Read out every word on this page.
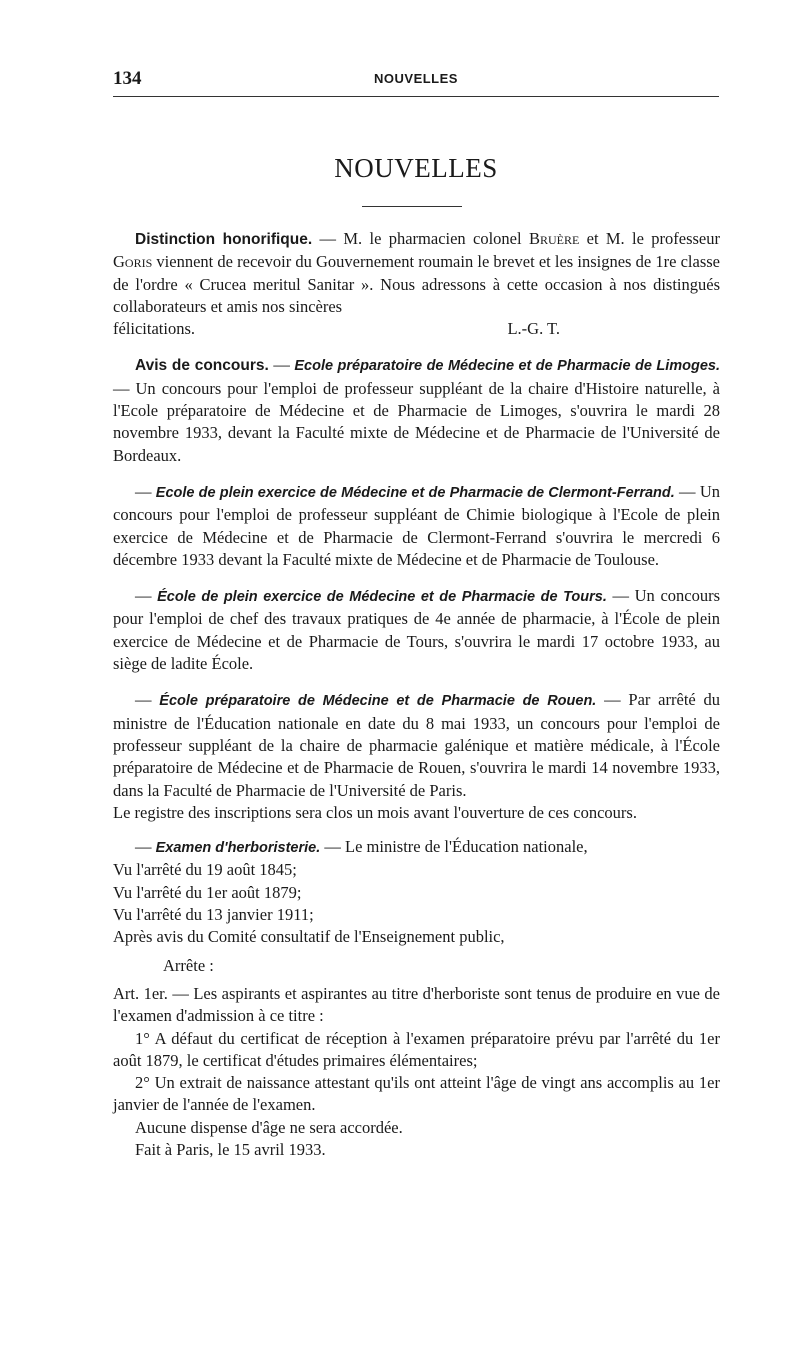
134	NOUVELLES
NOUVELLES
Distinction honorifique. — M. le pharmacien colonel Bruère et M. le professeur Goris viennent de recevoir du Gouvernement roumain le brevet et les insignes de 1re classe de l'ordre « Crucea meritul Sanitar ». Nous adressons à cette occasion à nos distingués collaborateurs et amis nos sincères
félicitations.	L.-G. T.

Avis de concours. — Ecole préparatoire de Médecine et de Pharmacie de Limoges. — Un concours pour l'emploi de professeur suppléant de la chaire d'Histoire naturelle, à l'Ecole préparatoire de Médecine et de Pharmacie de Limoges, s'ouvrira le mardi 28 novembre 1933, devant la Faculté mixte de Médecine et de Pharmacie de l'Université de Bordeaux.

— Ecole de plein exercice de Médecine et de Pharmacie de Clermont-Ferrand. — Un concours pour l'emploi de professeur suppléant de Chimie biologique à l'Ecole de plein exercice de Médecine et de Pharmacie de Clermont-Ferrand s'ouvrira le mercredi 6 décembre 1933 devant la Faculté mixte de Médecine et de Pharmacie de Toulouse.

— École de plein exercice de Médecine et de Pharmacie de Tours. — Un concours pour l'emploi de chef des travaux pratiques de 4e année de pharmacie, à l'École de plein exercice de Médecine et de Pharmacie de Tours, s'ouvrira le mardi 17 octobre 1933, au siège de ladite École.

— École préparatoire de Médecine et de Pharmacie de Rouen. — Par arrêté du ministre de l'Éducation nationale en date du 8 mai 1933, un concours pour l'emploi de professeur suppléant de la chaire de pharmacie galénique et matière médicale, à l'École préparatoire de Médecine et de Pharmacie de Rouen, s'ouvrira le mardi 14 novembre 1933, dans la Faculté de Pharmacie de l'Université de Paris.

Le registre des inscriptions sera clos un mois avant l'ouverture de ces concours.

— Examen d'herboristerie. — Le ministre de l'Éducation nationale,

Vu l'arrêté du 19 août 1845;

Vu l'arrêté du 1er août 1879;

Vu l'arrêté du 13 janvier 1911;

Après avis du Comité consultatif de l'Enseignement public,

Arrête :

Art. 1er. — Les aspirants et aspirantes au titre d'herboriste sont tenus de produire en vue de l'examen d'admission à ce titre :

1° A défaut du certificat de réception à l'examen préparatoire prévu par l'arrêté du 1er août 1879, le certificat d'études primaires élémentaires;

2° Un extrait de naissance attestant qu'ils ont atteint l'âge de vingt ans accomplis au 1er janvier de l'année de l'examen.

Aucune dispense d'âge ne sera accordée.

Fait à Paris, le 15 avril 1933.
